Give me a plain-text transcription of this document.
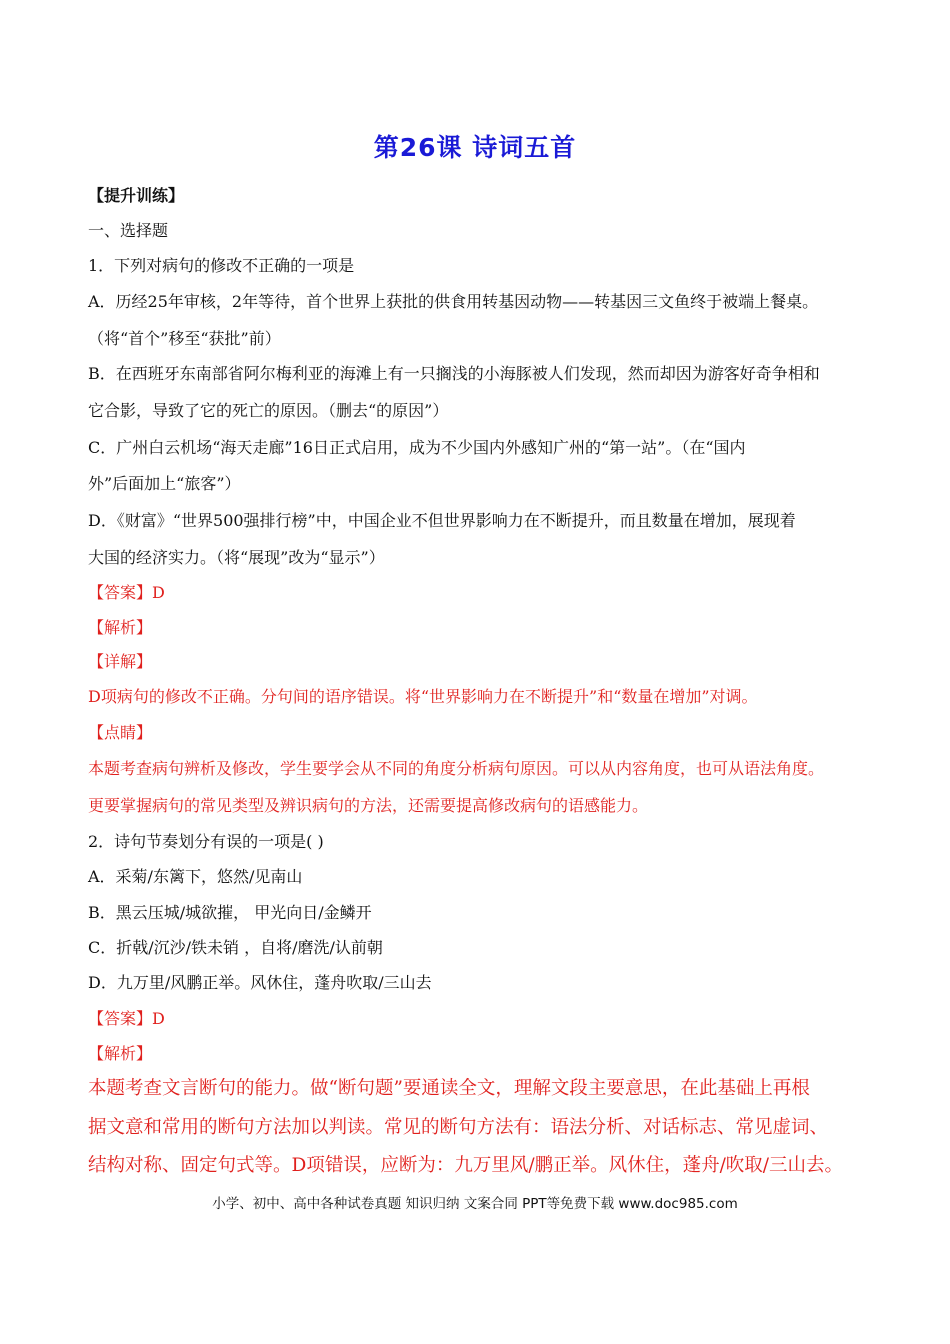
第26课 诗词五首
【提升训练】
一、选择题
1．下列对病句的修改不正确的一项是
A．历经25年审核，2年等待，首个世界上获批的供食用转基因动物——转基因三文鱼终于被端上餐桌。
（将“首个”移至“获批”前）
B．在西班牙东南部省阿尔梅利亚的海滩上有一只搁浅的小海豚被人们发现，然而却因为游客好奇争相和
它合影，导致了它的死亡的原因。（删去“的原因”）
C．广州白云机场“海天走廊”16日正式启用，成为不少国内外感知广州的“第一站”。（在“国内
外”后面加上“旅客”）
D．《财富》“世界500强排行榜”中，中国企业不但世界影响力在不断提升，而且数量在增加，展现着
大国的经济实力。（将“展现”改为“显示”）
【答案】D
【解析】
【详解】
D项病句的修改不正确。分句间的语序错误。将“世界影响力在不断提升”和“数量在增加”对调。
【点睛】
本题考查病句辨析及修改，学生要学会从不同的角度分析病句原因。可以从内容角度，也可从语法角度。
更要掌握病句的常见类型及辨识病句的方法，还需要提高修改病句的语感能力。
2．诗句节奏划分有误的一项是( )
A．采菊/东篱下，悠然/见南山
B．黑云压城/城欲摧， 甲光向日/金鳞开
C．折戟/沉沙/铁未销 ，自将/磨洗/认前朝
D．九万里/风鹏正举。风休住，蓬舟吹取/三山去
【答案】D
【解析】
本题考查文言断句的能力。做“断句题”要通读全文，理解文段主要意思，在此基础上再根
据文意和常用的断句方法加以判读。常见的断句方法有：语法分析、对话标志、常见虚词、
结构对称、固定句式等。D项错误，应断为：九万里风/鹏正举。风休住，蓬舟/吹取/三山去。
小学、初中、高中各种试卷真题 知识归纳 文案合同 PPT等免费下载 www.doc985.com
